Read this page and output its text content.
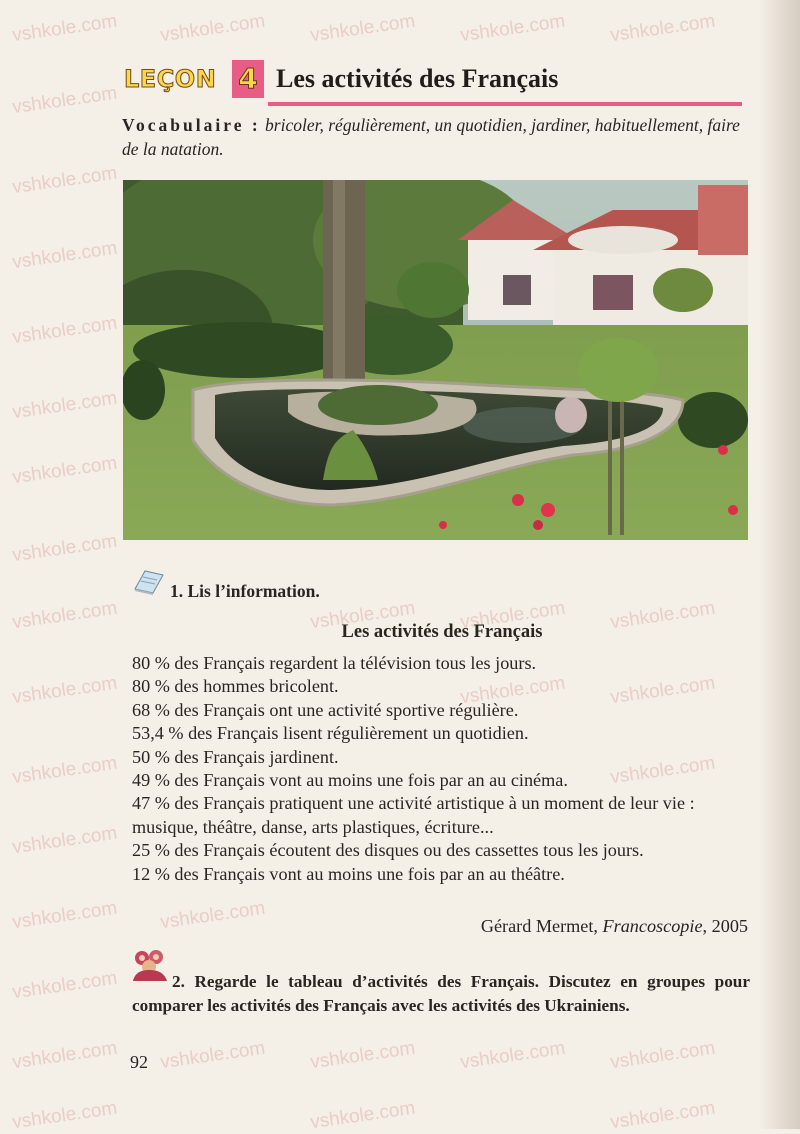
vshkole.com vshkole.com vshkole.com vshkole.com vshkole.com
vshkole.com
vshkole.com
vshkole.com
vshkole.com
vshkole.com
vshkole.com
vshkole.com
vshkole.com	vshkole.com vshkole.com vshkole.com
vshkole.com	vshkole.com vshkole.com
vshkole.com	vshkole.com
vshkole.com
vshkole.com vshkole.com
vshkole.com
vshkole.com vshkole.com vshkole.com vshkole.com vshkole.com
vshkole.com	vshkole.com	vshkole.com
LEÇON 4 Les activités des Français
Vocabulaire : bricoler, régulièrement, un quotidien, jardiner, habituellement, faire de la natation.
1. Lis l’information.
Les activités des Français
80 % des Français regardent la télévision tous les jours.
80 % des hommes bricolent.
68 % des Français ont une activité sportive régulière.
53,4 % des Français lisent régulièrement un quotidien.
50 % des Français jardinent.
49 % des Français vont au moins une fois par an au cinéma.
47 % des Français pratiquent une activité artistique à un moment de leur vie : musique, théâtre, danse, arts plastiques, écriture...
25 % des Français écoutent des disques ou des cassettes tous les jours.
12 % des Français vont au moins une fois par an au théâtre.
Gérard Mermet, Francoscopie, 2005
2. Regarde le tableau d’activités des Français. Discutez en groupes pour comparer les activités des Français avec les activités des Ukrainiens.
92
